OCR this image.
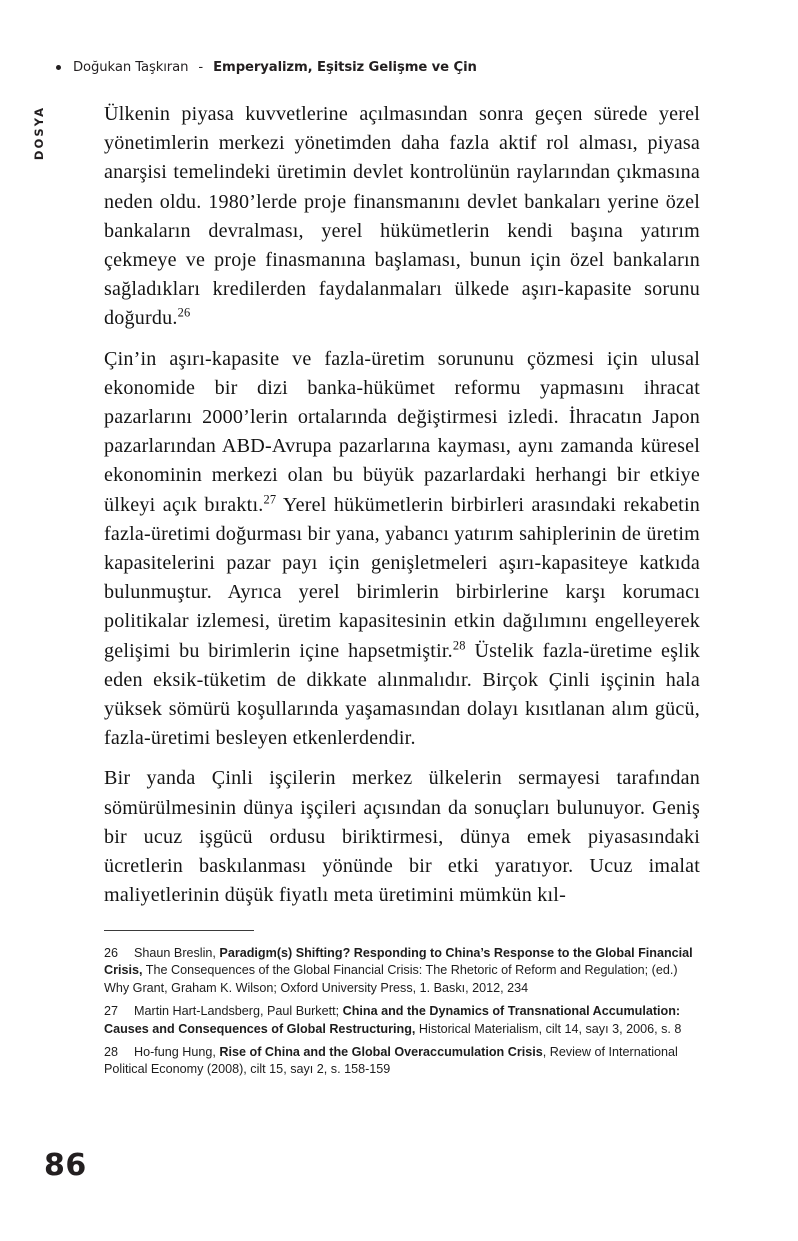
Doğukan Taşkıran - Emperyalizm, Eşitsiz Gelişme ve Çin
DOSYA	Ülkenin piyasa kuvvetlerine açılmasından sonra geçen sürede yerel yönetimlerin merkezi yönetimden daha fazla aktif rol alması, piyasa anarşisi temelindeki üretimin devlet kontrolünün raylarından çıkmasına neden oldu. 1980’lerde proje finansmanını devlet bankaları yerine özel bankaların devralması, yerel hükümetlerin kendi başına yatırım çekmeye ve proje finasmanına başlaması, bunun için özel bankaların sağladıkları kredilerden faydalanmaları ülkede aşırı-kapasite sorunu doğurdu.$^{26}$

Çin’in aşırı-kapasite ve fazla-üretim sorununu çözmesi için ulusal ekonomide bir dizi banka-hükümet reformu yapmasını ihracat pazarlarını 2000’lerin ortalarında değiştirmesi izledi. İhracatın Japon pazarlarından ABD-Avrupa pazarlarına kayması, aynı zamanda küresel ekonominin merkezi olan bu büyük pazarlardaki herhangi bir etkiye ülkeyi açık bıraktı.$^{27}$ Yerel hükümetlerin birbirleri arasındaki rekabetin fazla-üretimi doğurması bir yana, yabancı yatırım sahiplerinin de üretim kapasitelerini pazar payı için genişletmeleri aşırı-kapasiteye katkıda bulunmuştur. Ayrıca yerel birimlerin birbirlerine karşı korumacı politikalar izlemesi, üretim kapasitesinin etkin dağılımını engelleyerek gelişimi bu birimlerin içine hapsetmiştir.$^{28}$ Üstelik fazla-üretime eşlik eden eksik-tüketim de dikkate alınmalıdır. Birçok Çinli işçinin hala yüksek sömürü koşullarında yaşamasından dolayı kısıtlanan alım gücü, fazla-üretimi besleyen etkenlerdendir.

Bir yanda Çinli işçilerin merkez ülkelerin sermayesi tarafından sömürülmesinin dünya işçileri açısından da sonuçları bulunuyor. Geniş bir ucuz işgücü ordusu biriktirmesi, dünya emek piyasasındaki ücretlerin baskılanması yönünde bir etki yaratıyor. Ucuz imalat maliyetlerinin düşük fiyatlı meta üretimini mümkün kıl-

26 Shaun Breslin, Paradigm(s) Shifting? Responding to China’s Response to the Global Financial Crisis, The Consequences of the Global Financial Crisis: The Rhetoric of Reform and Regulation; (ed.) Why Grant, Graham K. Wilson; Oxford University Press, 1. Baskı, 2012, 234

27 Martin Hart-Landsberg, Paul Burkett; China and the Dynamics of Transnational Accumulation: Causes and Consequences of Global Restructuring, Historical Materialism, cilt 14, sayı 3, 2006, s. 8

28 Ho-fung Hung, Rise of China and the Global Overaccumulation Crisis, Review of International Political Economy (2008), cilt 15, sayı 2, s. 158-159

86
